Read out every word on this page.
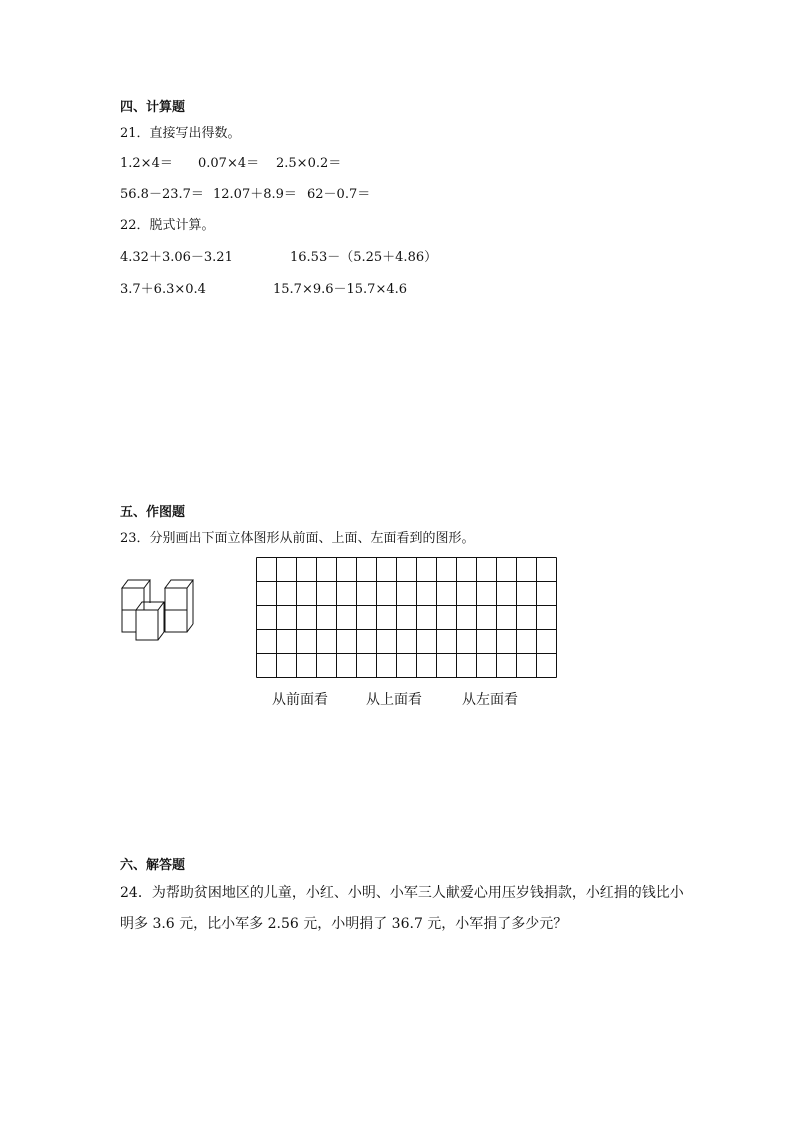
四、计算题
21．直接写出得数。
1.2×4＝ 0.07×4＝ 2.5×0.2＝
56.8－23.7＝ 12.07＋8.9＝ 62－0.7＝
22．脱式计算。
4.32＋3.06－3.21	16.53－（5.25＋4.86）
3.7＋6.3×0.4	15.7×9.6－15.7×4.6
五、作图题
23．分别画出下面立体图形从前面、上面、左面看到的图形。
从前面看	从上面看	从左面看
六、解答题
24．为帮助贫困地区的儿童，小红、小明、小军三人献爱心用压岁钱捐款，小红捐的钱比小
明多 3.6 元，比小军多 2.56 元，小明捐了 36.7 元，小军捐了多少元？
